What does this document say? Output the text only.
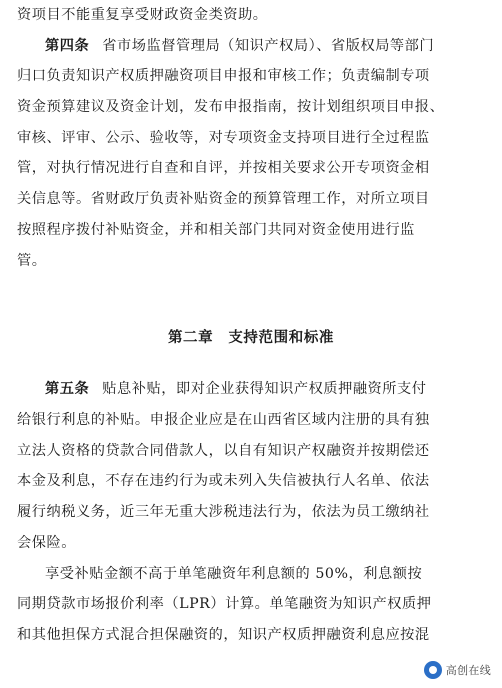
资项目不能重复享受财政资金类资助。
第四条 省市场监督管理局（知识产权局）、省版权局等部门
归口负责知识产权质押融资项目申报和审核工作；负责编制专项
资金预算建议及资金计划，发布申报指南，按计划组织项目申报、
审核、评审、公示、验收等，对专项资金支持项目进行全过程监
管，对执行情况进行自查和自评，并按相关要求公开专项资金相
关信息等。省财政厅负责补贴资金的预算管理工作，对所立项目
按照程序拨付补贴资金，并和相关部门共同对资金使用进行监
管。
第二章　支持范围和标准
第五条 贴息补贴，即对企业获得知识产权质押融资所支付
给银行利息的补贴。申报企业应是在山西省区域内注册的具有独
立法人资格的贷款合同借款人，以自有知识产权融资并按期偿还
本金及利息，不存在违约行为或未列入失信被执行人名单、依法
履行纳税义务，近三年无重大涉税违法行为，依法为员工缴纳社
会保险。
享受补贴金额不高于单笔融资年利息额的 50%，利息额按
同期贷款市场报价利率（LPR）计算。单笔融资为知识产权质押
和其他担保方式混合担保融资的，知识产权质押融资利息应按混
高创在线
